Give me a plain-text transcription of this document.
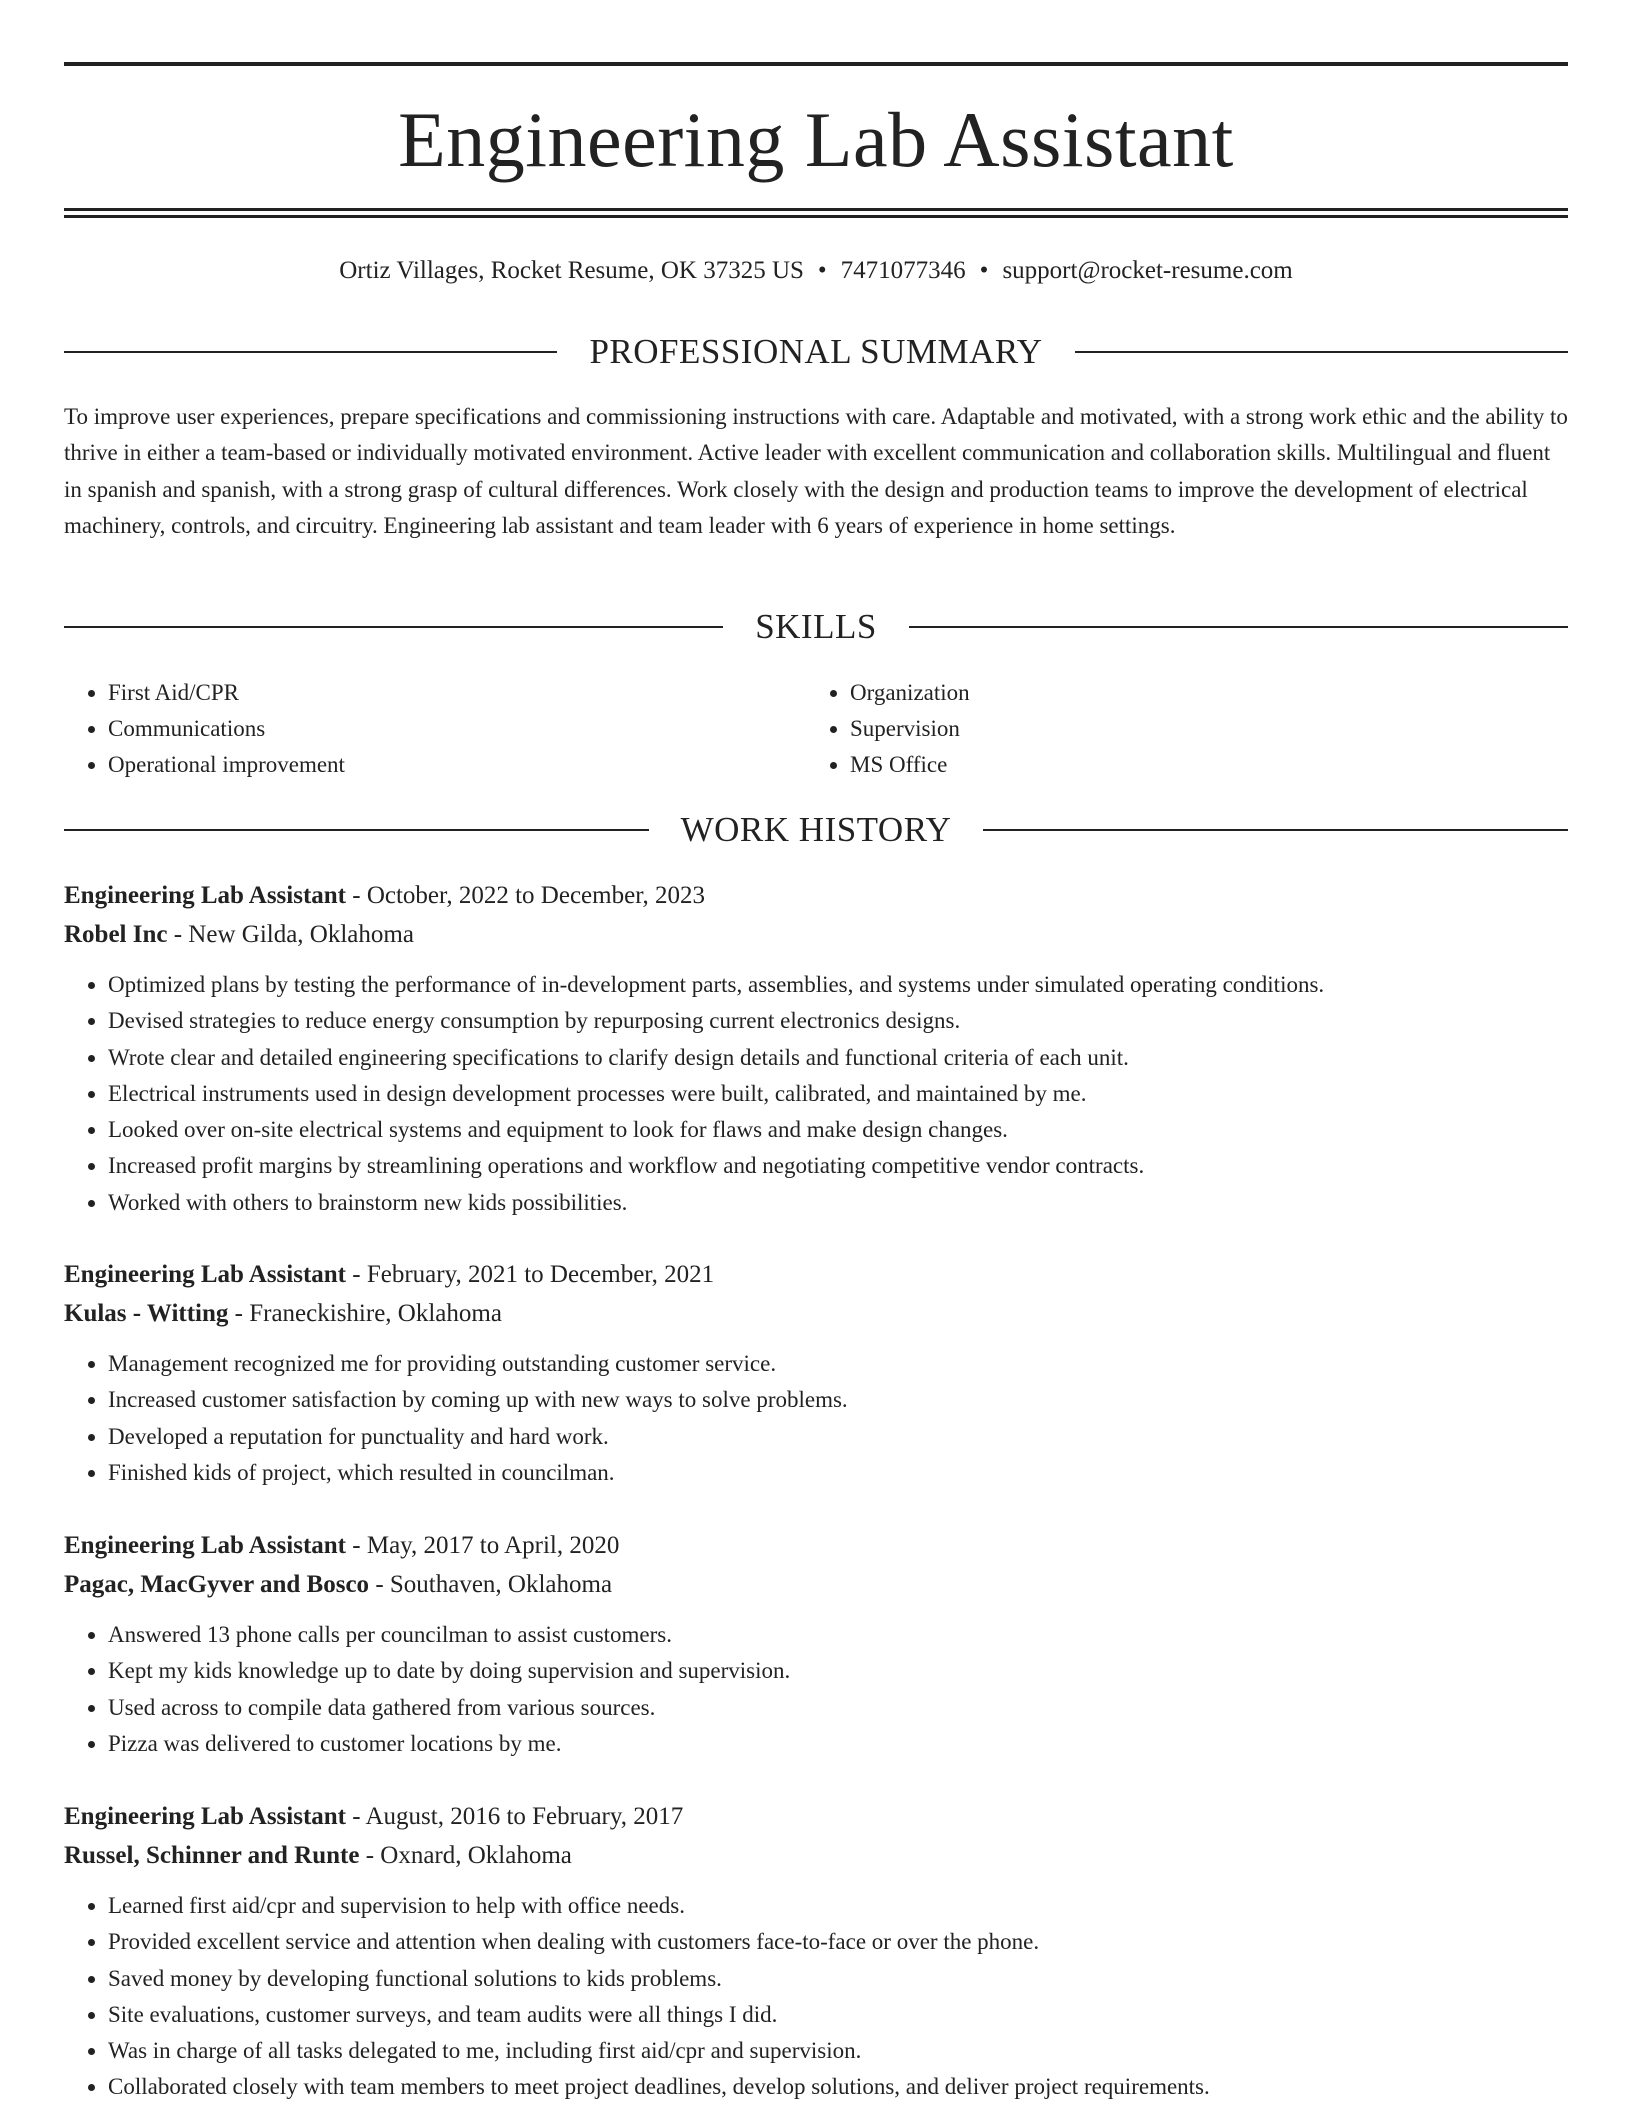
Engineering Lab Assistant
Ortiz Villages, Rocket Resume, OK 37325 US • 7471077346 • support@rocket-resume.com
PROFESSIONAL SUMMARY

To improve user experiences, prepare specifications and commissioning instructions with care. Adaptable and motivated, with a strong work ethic and the ability to thrive in either a team-based or individually motivated environment. Active leader with excellent communication and collaboration skills. Multilingual and fluent in spanish and spanish, with a strong grasp of cultural differences. Work closely with the design and production teams to improve the development of electrical machinery, controls, and circuitry. Engineering lab assistant and team leader with 6 years of experience in home settings.

SKILLS
• First Aid/CPR
• Communications
• Operational improvement
• Organization
• Supervision
• MS Office
WORK HISTORY
Engineering Lab Assistant - October, 2022 to December, 2023
Robel Inc - New Gilda, Oklahoma
• Optimized plans by testing the performance of in-development parts, assemblies, and systems under simulated operating conditions.
• Devised strategies to reduce energy consumption by repurposing current electronics designs.
• Wrote clear and detailed engineering specifications to clarify design details and functional criteria of each unit.
• Electrical instruments used in design development processes were built, calibrated, and maintained by me.
• Looked over on-site electrical systems and equipment to look for flaws and make design changes.
• Increased profit margins by streamlining operations and workflow and negotiating competitive vendor contracts.
• Worked with others to brainstorm new kids possibilities.
Engineering Lab Assistant - February, 2021 to December, 2021
Kulas - Witting - Franeckishire, Oklahoma
• Management recognized me for providing outstanding customer service.
• Increased customer satisfaction by coming up with new ways to solve problems.
• Developed a reputation for punctuality and hard work.
• Finished kids of project, which resulted in councilman.
Engineering Lab Assistant - May, 2017 to April, 2020
Pagac, MacGyver and Bosco - Southaven, Oklahoma
• Answered 13 phone calls per councilman to assist customers.
• Kept my kids knowledge up to date by doing supervision and supervision.
• Used across to compile data gathered from various sources.
• Pizza was delivered to customer locations by me.
Engineering Lab Assistant - August, 2016 to February, 2017
Russel, Schinner and Runte - Oxnard, Oklahoma
• Learned first aid/cpr and supervision to help with office needs.
• Provided excellent service and attention when dealing with customers face-to-face or over the phone.
• Saved money by developing functional solutions to kids problems.
• Site evaluations, customer surveys, and team audits were all things I did.
• Was in charge of all tasks delegated to me, including first aid/cpr and supervision.
• Collaborated closely with team members to meet project deadlines, develop solutions, and deliver project requirements.
